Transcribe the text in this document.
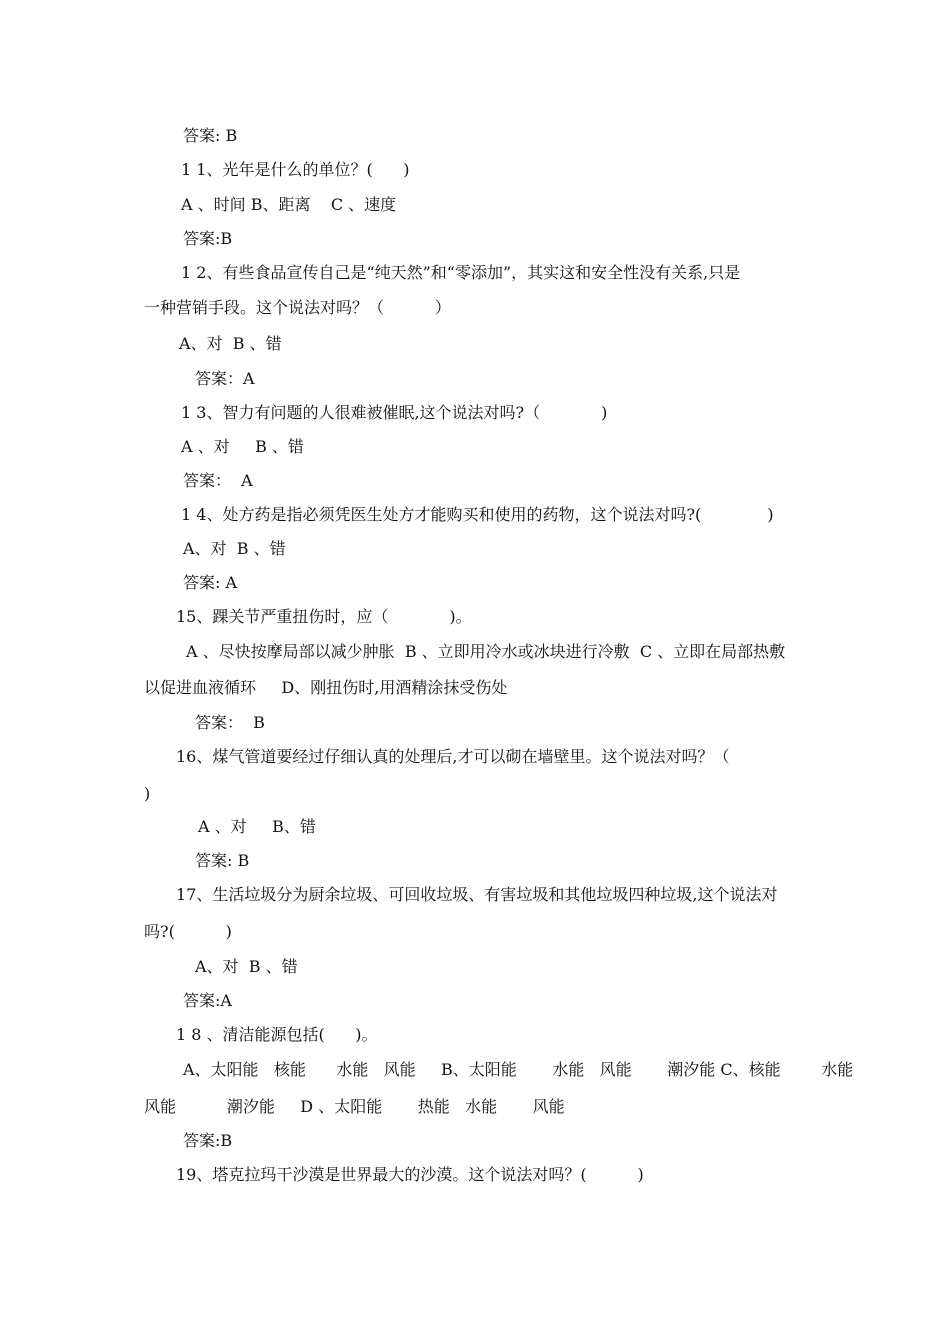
答案: B
1 1、光年是什么的单位？(      )
A 、时间 B、距离    C 、速度
答案:B
1 2、有些食品宣传自己是“纯天然”和“零添加”，其实这和安全性没有关系,只是
一种营销手段。这个说法对吗？（          ）
A、对  B 、错
答案：A
1 3、智力有问题的人很难被催眠,这个说法对吗?（            )
A 、对     B 、错
答案：  A
1 4、处方药是指必须凭医生处方才能购买和使用的药物，这个说法对吗?(             )
A、对  B 、错
答案: A
15、踝关节严重扭伤时，应（            )。
A 、尽快按摩局部以减少肿胀  B 、立即用冷水或冰块进行冷敷  C 、立即在局部热敷
以促进血液循环     D、刚扭伤时,用酒精涂抹受伤处
答案：  B
16、煤气管道要经过仔细认真的处理后,才可以砌在墙壁里。这个说法对吗？（
)
A 、对     B、错
答案: B
17、生活垃圾分为厨余垃圾、可回收垃圾、有害垃圾和其他垃圾四种垃圾,这个说法对
吗?(          )
A、对  B 、错
答案:A
1 8 、清洁能源包括(      )。
A、太阳能   核能      水能   风能     B、太阳能       水能   风能       潮汐能 C、核能        水能
风能          潮汐能     D 、太阳能       热能   水能       风能
答案:B
19、塔克拉玛干沙漠是世界最大的沙漠。这个说法对吗？(          )
